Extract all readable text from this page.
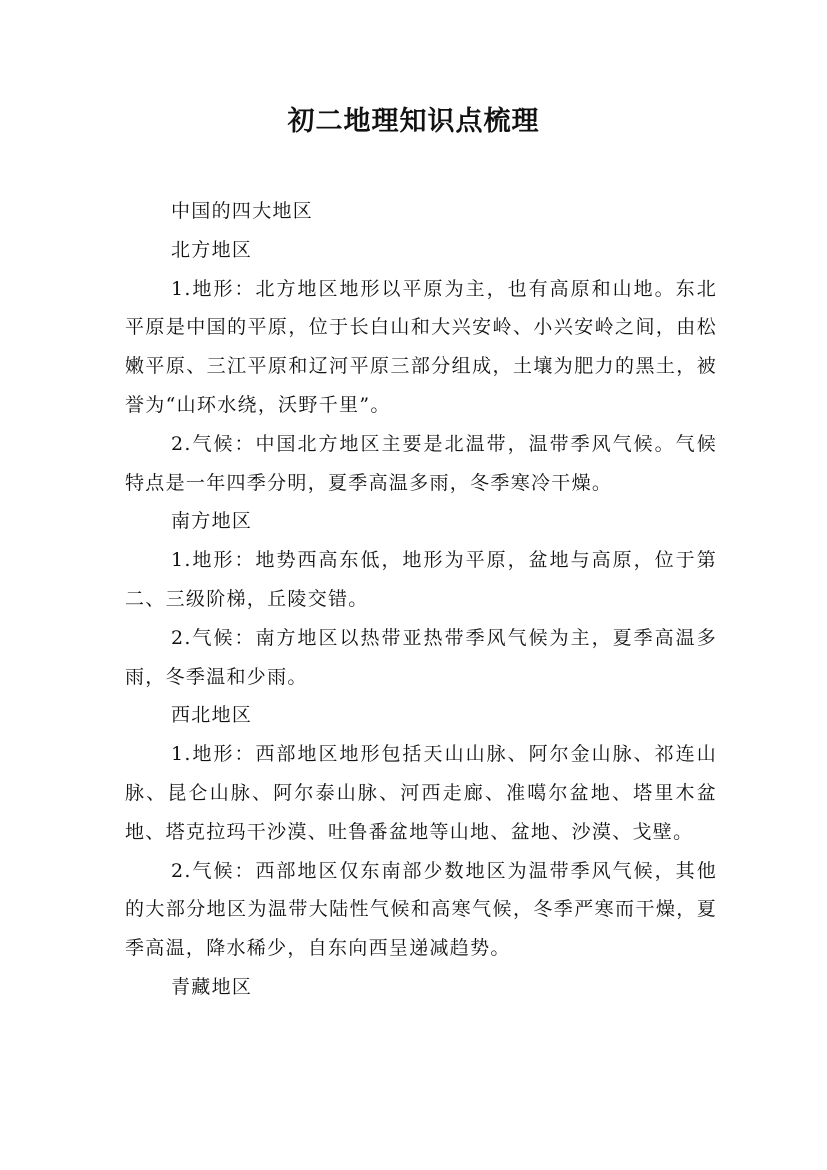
初二地理知识点梳理

中国的四大地区

北方地区

1.地形：北方地区地形以平原为主，也有高原和山地。东北平原是中国的平原，位于长白山和大兴安岭、小兴安岭之间，由松嫩平原、三江平原和辽河平原三部分组成，土壤为肥力的黑土，被誉为“山环水绕，沃野千里”。

2.气候：中国北方地区主要是北温带，温带季风气候。气候特点是一年四季分明，夏季高温多雨，冬季寒冷干燥。

南方地区

1.地形：地势西高东低，地形为平原，盆地与高原，位于第二、三级阶梯，丘陵交错。

2.气候：南方地区以热带亚热带季风气候为主，夏季高温多雨，冬季温和少雨。

西北地区

1.地形：西部地区地形包括天山山脉、阿尔金山脉、祁连山脉、昆仑山脉、阿尔泰山脉、河西走廊、准噶尔盆地、塔里木盆地、塔克拉玛干沙漠、吐鲁番盆地等山地、盆地、沙漠、戈壁。

2.气候：西部地区仅东南部少数地区为温带季风气候，其他的大部分地区为温带大陆性气候和高寒气候，冬季严寒而干燥，夏季高温，降水稀少，自东向西呈递减趋势。

青藏地区
